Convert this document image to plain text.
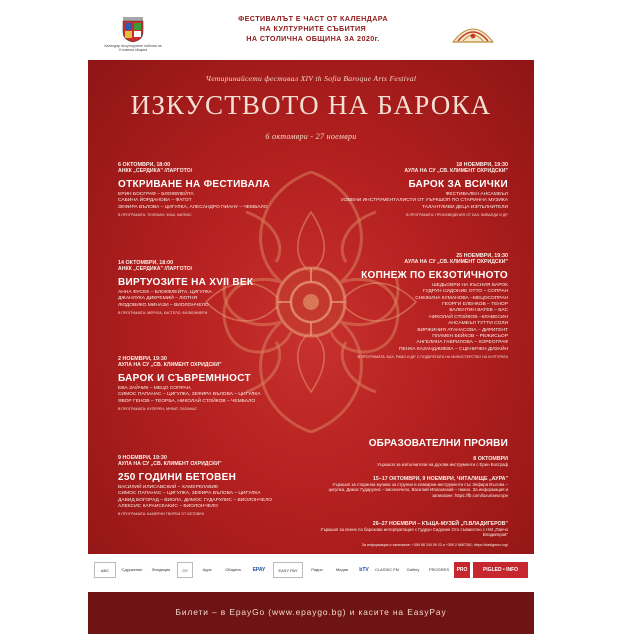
Календар на културните събития на Столична община
ФЕСТИВАЛЪТ Е ЧАСТ ОТ КАЛЕНДАРА
НА КУЛТУРНИТЕ СЪБИТИЯ
НА СТОЛИЧНА ОБЩИНА ЗА 2020г.
Четиринайсети фестивал XIV th Sofia Baroque Arts Festival
ИЗКУСТВОТО НА БАРОКА
6 октомври - 27 ноември
6 ОКТОМВРИ, 18:00
АНКК „СЕРДИКА" /ЛАРГОТО/
ОТКРИВАНЕ НА ФЕСТИВАЛА
ЕРИН БОСГРАФ – БЛОКФЛЕЙТА
САБИНА ЙОРДАНОВА – ФАГОТ
ЗЕФИРА ВЪЛОВА – ЦИГУЛКА, АЛЕСАНДРО ПИАНУ – ЧЕМБАЛО
В ПРОГРАМАТА: ТЕЛЕМАН, ФАШ, МАТЕИС
14 ОКТОМВРИ, 18:00
АНКК „СЕРДИКА" /ЛАРГОТО/
ВИРТУОЗИТЕ НА XVII ВЕК
АННА ФУСЕК – БЛОКФЛЕЙТА, ЦИГУЛКА
ДЖАНЛУКА ДИКРЕМИЙ – ЛЮТНЯ
ЛЮДОВИКО МИНАЗИ – ВИОЛОНЧЕЛО
В ПРОГРАМАТА: МЕРУЛА, КАСТЕЛО, ФАЛКОНИЕРИ
2 НОЕМВРИ, 19:30
АУЛА НА СУ „СВ. КЛИМЕНТ ОХРИДСКИ"
БАРОК И СЪВРЕМННОСТ
ЕВА ЗАЙЧИК – МЕЦО СОПРАН,
СИМОС ПАПАНАС – ЦИГУЛКА, ЗЕФИРА ВЪЛОВА – ЦИГУЛКА
ЯВОР ГЕНОВ – ТЕОРБА, НИКОЛАЙ СТОЙКОВ – ЧЕМБАЛО
В ПРОГРАМАТА: КУПЕРЕН, МУФАТ, ПАПАНАС
9 НОЕМВРИ, 19:30
АУЛА НА СУ „СВ. КЛИМЕНТ ОХРИДСКИ"
250 ГОДИНИ БЕТОВЕН
ВАСИЛИЙ ИЛИСАВСКИЙ – ХАМЕРКЛАВИЕ
СИМОС ПАПАНАС – ЦИГУЛКА, ЗЕФИРА ВЪЛОВА – ЦИГУЛКА
ДАВИД БОГОРАД – ВИОЛА, ДИМОС ГУДАРУЛИС – ВИОЛОНЧЕЛО
АЛЕКСИС КАРАИСКАКИС – ВИОЛОНЧЕЛО
В ПРОГРАМАТА: КАМЕРНИ ТВОРБИ ОТ БЕТОВЕН
18 НОЕМВРИ, 19:30
АУЛА НА СУ „СВ. КЛИМЕНТ ОХРИДСКИ"
БАРОК ЗА ВСИЧКИ
ФЕСТИВАЛЕН АНСАМБЪЛ
ИЗВЕНИ ИНСТРУМЕНТАЛИСТИ ОТ УЪРКШОП ПО СТАРИННА МУЗИКА
ТАЛАНТЛИВИ ДЕЦА-ИЗПЪЛНИТЕЛИ
В ПРОГРАМАТА: ПРОИЗВЕДЕНИЯ ОТ БАХ, ВИВАЛДИ И ДР.
25 НОЕМВРИ, 19:30
АУЛА НА СУ „СВ. КЛИМЕНТ ОХРИДСКИ"
КОПНЕЖ ПО ЕКЗОТИЧНОТО
ШЕДЬОВРИ НА КЪСНИЯ БАРОК
ГУДРУН СИДОНИЕ ОТТО – СОПРАН
СНЕЖИНА КУМАНОВА –МЕЦОСОПРАН
ГЕОРГИ ЕЛЕНКОВ – ТЕНОР
ВАЛЕНТИН ВАТЕВ – БАС
НИКОЛАЙ СТОЙКОВ –КЛАВЕСИН
АНСАМБЪЛ ТУТТИ СОЛИ
ВИРЖИНИЯ АТАНАСОВА – ДИРИГЕНТ
ПЛАМЕН БЕЙКОВ – РЕЖИСЬОР
АНГЕЛИНА ГАВРИЛОВА – ХОРЕОГРАФ
ПЕНКА КАЗАНДЖИЕВА – СЦЕНИЧЕН ДИЗАЙН
В ПРОГРАМАТА: БАХ, РАМО И ДР. С ПОДКРЕПАТА НА МИНИСТЕРСТВО НА КУЛТУРАТА
ОБРАЗОВАТЕЛНИ ПРОЯВИ
8 ОКТОМВРИ
Уъркшоп за изпълнители на духови инструменти с Ерин Босграф
15–17 ОКТОМВРИ, 9 НОЕМВРИ, ЧИТАЛИЩЕ „АУРА"
Уъркшоп за старинна музика за струнни и клавирни инструменти със Зефира Вълова – цигулка, Димос Гударулис – виолончело, Василий Илисавский – пиано. За информация и записване: https://fb.com/luxuriaeurope
26–27 НОЕМВРИ – КЪЩА-МУЗЕЙ „П.ВЛАДИГЕРОВ"
Уъркшоп за пеене по барокова интерпретация с Гудрун Сидоние Ото съвместно с НМ „Панчо Владигеров"
За информация и записване: +359 88 240 59 23 и +359 2 8687381; https://vladigerov.org/
ABC	Сдружение	Фондация	СУ	Аура	Община	EPAY	EASY PAY	Радио	Медия	bTV	CLASSIC FM	Gallery	PROGRES	PRO	PIGLED • INFO
Билети – в EpayGo (www.epaygo.bg) и касите на EasyPay
